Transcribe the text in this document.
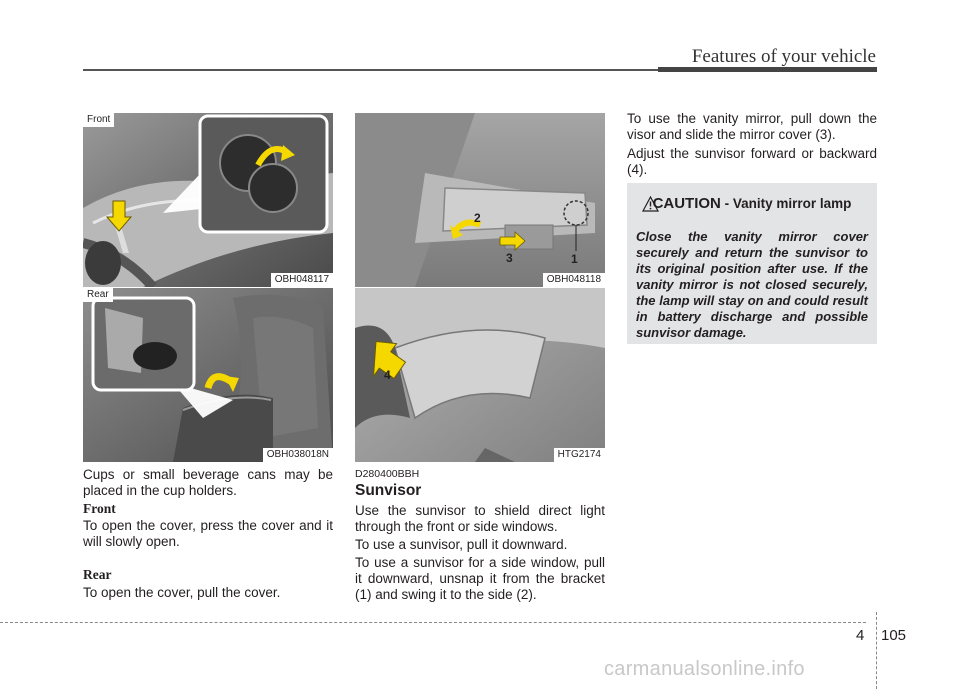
Features of your vehicle
Front
OBH048117
Rear
OBH038018N
1
2
3
OBH048118
4
HTG2174

Cups or small beverage cans may be placed in the cup holders.

Front

To open the cover, press the cover and it will slowly open.

Rear

To open the cover, pull the cover.

D280400BBH

Sunvisor

Use the sunvisor to shield direct light through the front or side windows.

To use a sunvisor, pull it downward.

To use a sunvisor for a side window, pull it downward, unsnap it from the bracket (1) and swing it to the side (2).

To use the vanity mirror, pull down the visor and slide the mirror cover (3).

Adjust the sunvisor forward or backward (4).

CAUTION - Vanity mirror lamp

Close the vanity mirror cover securely and return the sunvisor to its original position after use. If the vanity mirror is not closed securely, the lamp will stay on and could result in battery discharge and possible sunvisor damage.

4 105
carmanualsonline.info
